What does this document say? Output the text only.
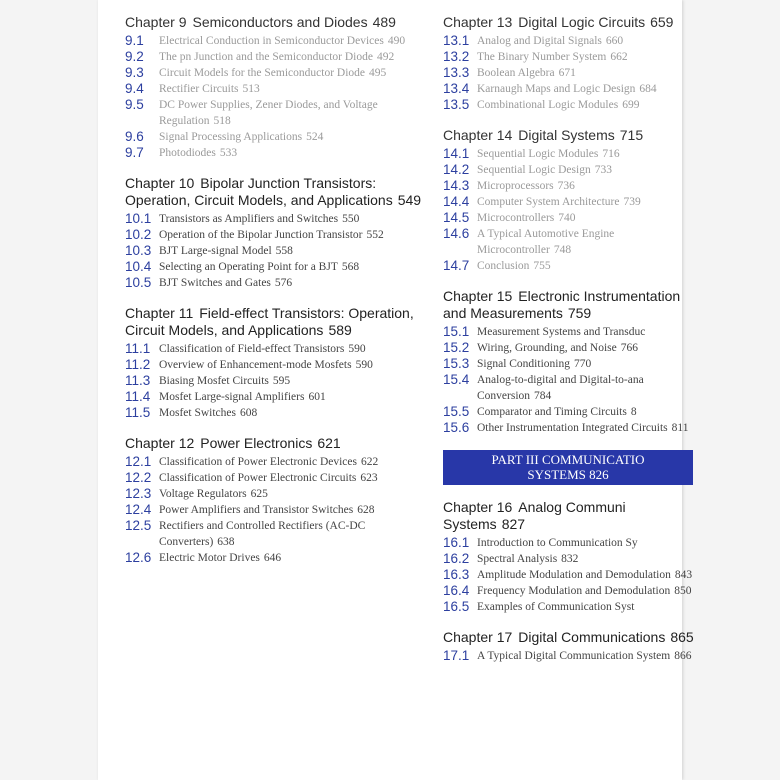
Chapter 9 Semiconductors and Diodes 489
9.1	Electrical Conduction in Semiconductor Devices 490
9.2	The pn Junction and the Semiconductor Diode 492
9.3	Circuit Models for the Semiconductor Diode 495
9.4	Rectifier Circuits 513
9.5	DC Power Supplies, Zener Diodes, and Voltage Regulation 518
9.6	Signal Processing Applications 524
9.7	Photodiodes 533
Chapter 10 Bipolar Junction Transistors: Operation, Circuit Models, and Applications 549
10.1 Transistors as Amplifiers and Switches 550
10.2 Operation of the Bipolar Junction Transistor 552
10.3 BJT Large-signal Model 558
10.4 Selecting an Operating Point for a BJT 568
10.5 BJT Switches and Gates 576
Chapter 11 Field-effect Transistors: Operation, Circuit Models, and Applications 589
11.1 Classification of Field-effect Transistors 590
11.2 Overview of Enhancement-mode Mosfets 590
11.3 Biasing Mosfet Circuits 595
11.4 Mosfet Large-signal Amplifiers 601
11.5 Mosfet Switches 608
Chapter 12 Power Electronics 621
12.1 Classification of Power Electronic Devices 622
12.2 Classification of Power Electronic Circuits 623
12.3 Voltage Regulators 625
12.4 Power Amplifiers and Transistor Switches 628
12.5 Rectifiers and Controlled Rectifiers (AC-DC Converters) 638
12.6 Electric Motor Drives 646
Chapter 13 Digital Logic Circuits 659
13.1 Analog and Digital Signals 660
13.2 The Binary Number System 662
13.3 Boolean Algebra 671
13.4 Karnaugh Maps and Logic Design 684
13.5 Combinational Logic Modules 699
Chapter 14 Digital Systems 715
14.1 Sequential Logic Modules 716
14.2 Sequential Logic Design 733
14.3 Microprocessors 736
14.4 Computer System Architecture 739
14.5 Microcontrollers 740
14.6 A Typical Automotive Engine Microcontroller 748
14.7 Conclusion 755
Chapter 15 Electronic Instrumentation and Measurements 759
15.1 Measurement Systems and Transduc
15.2 Wiring, Grounding, and Noise 766
15.3 Signal Conditioning 770
15.4 Analog-to-digital and Digital-to-ana Conversion 784
15.5 Comparator and Timing Circuits 8
15.6 Other Instrumentation Integrated Circuits 811
PART III COMMUNICATIO
SYSTEMS 826
Chapter 16 Analog Communi Systems 827
16.1 Introduction to Communication Sy
16.2 Spectral Analysis 832
16.3 Amplitude Modulation and Demodulation 843
16.4 Frequency Modulation and Demodulation 850
16.5 Examples of Communication Syst
Chapter 17 Digital Communications 865
17.1 A Typical Digital Communication System 866
